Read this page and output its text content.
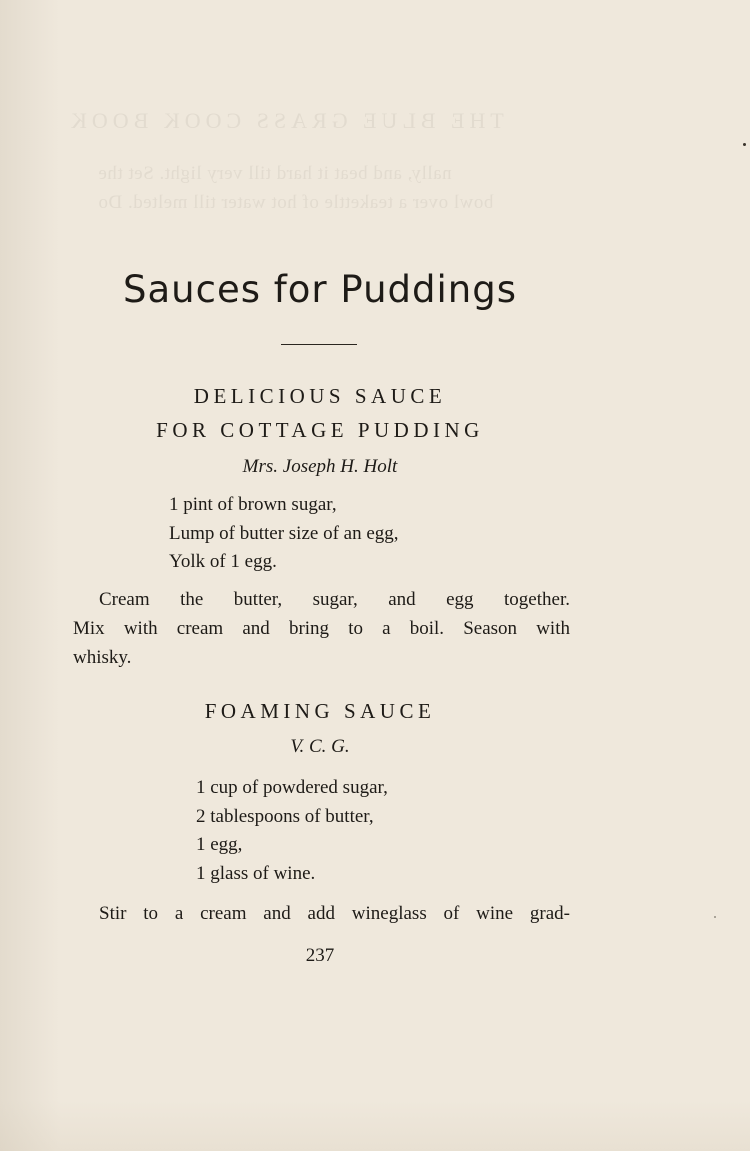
THE BLUE GRASS COOK BOOK
nally, and beat it hard till very light. Set the
bowl over a teakettle of hot water till melted. Do
Sauces for Puddings
DELICIOUS SAUCE
FOR COTTAGE PUDDING

Mrs. Joseph H. Holt

1 pint of brown sugar,
Lump of butter size of an egg,
Yolk of 1 egg.

Cream the butter, sugar, and egg together.
Mix with cream and bring to a boil. Season with
whisky.

FOAMING SAUCE

V. C. G.

1 cup of powdered sugar,
2 tablespoons of butter,
1 egg,
1 glass of wine.

Stir to a cream and add wineglass of wine grad-

237
